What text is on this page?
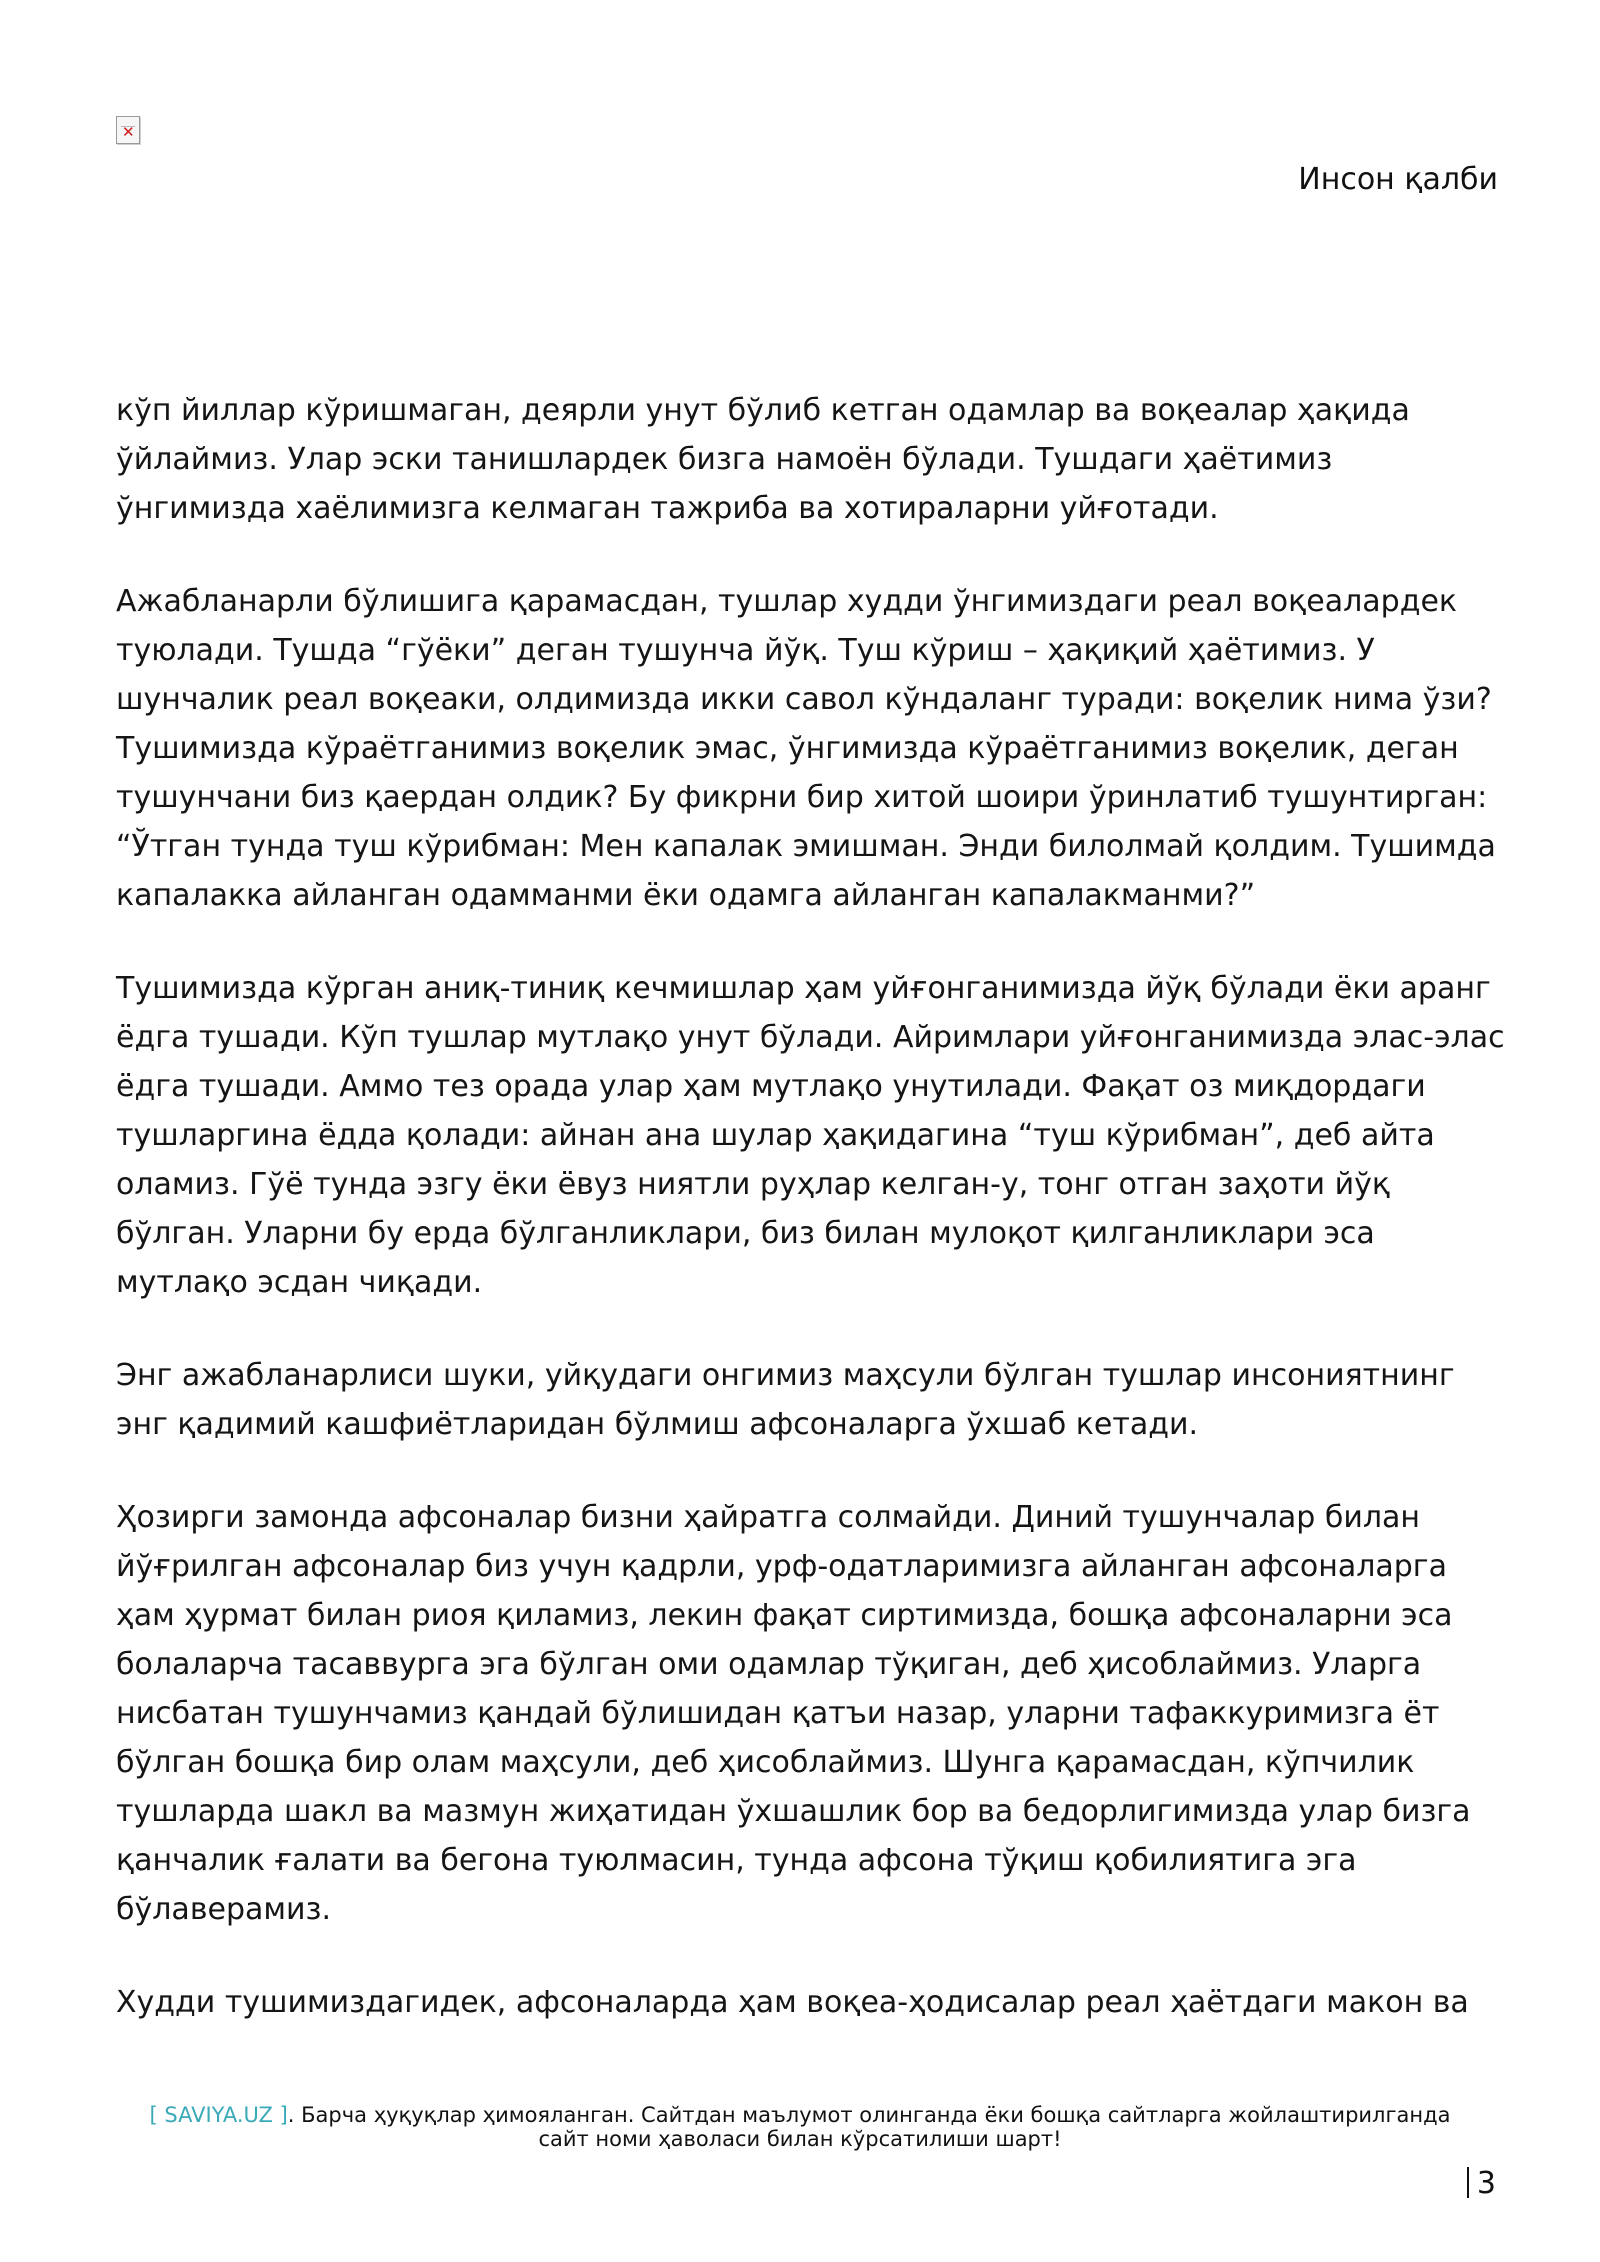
✕
Инсон қалби

кўп йиллар кўришмаган, деярли унут бўлиб кетган одамлар ва воқеалар ҳақида ўйлаймиз. Улар эски танишлардек бизга намоён бўлади. Тушдаги ҳаётимиз ўнгимизда хаёлимизга келмаган тажриба ва хотираларни уйғотади.

Ажабланарли бўлишига қарамасдан, тушлар худди ўнгимиздаги реал воқеалардек туюлади. Тушда “гўёки” деган тушунча йўқ. Туш кўриш – ҳақиқий ҳаётимиз. У шунчалик реал воқеаки, олдимизда икки савол кўндаланг туради: воқелик нима ўзи? Тушимизда кўраётганимиз воқелик эмас, ўнгимизда кўраётганимиз воқелик, деган тушунчани биз қаердан олдик? Бу фикрни бир хитой шоири ўринлатиб тушунтирган: “Ўтган тунда туш кўрибман: Мен капалак эмишман. Энди билолмай қолдим. Тушимда капалакка айланган одамманми ёки одамга айланган капалакманми?”

Тушимизда кўрган аниқ-тиниқ кечмишлар ҳам уйғонганимизда йўқ бўлади ёки аранг ёдга тушади. Кўп тушлар мутлақо унут бўлади. Айримлари уйғонганимизда элас-элас ёдга тушади. Аммо тез орада улар ҳам мутлақо унутилади. Фақат оз миқдордаги тушларгина ёдда қолади: айнан ана шулар ҳақидагина “туш кўрибман”, деб айта оламиз. Гўё тунда эзгу ёки ёвуз ниятли руҳлар келган-у, тонг отган заҳоти йўқ бўлган. Уларни бу ерда бўлганликлари, биз билан мулоқот қилганликлари эса мутлақо эсдан чиқади.

Энг ажабланарлиси шуки, уйқудаги онгимиз маҳсули бўлган тушлар инсониятнинг энг қадимий кашфиётларидан бўлмиш афсоналарга ўхшаб кетади.

Ҳозирги замонда афсоналар бизни ҳайратга солмайди. Диний тушунчалар билан йўғрилган афсоналар биз учун қадрли, урф-одатларимизга айланган афсоналарга ҳам ҳурмат билан риоя қиламиз, лекин фақат сиртимизда, бошқа афсоналарни эса болаларча тасаввурга эга бўлган оми одамлар тўқиган, деб ҳисоблаймиз. Уларга нисбатан тушунчамиз қандай бўлишидан қатъи назар, уларни тафаккуримизга ёт бўлган бошқа бир олам маҳсули, деб ҳисоблаймиз. Шунга қарамасдан, кўпчилик тушларда шакл ва мазмун жиҳатидан ўхшашлик бор ва бедорлигимизда улар бизга қанчалик ғалати ва бегона туюлмасин, тунда афсона тўқиш қобилиятига эга бўлаверамиз.

Худди тушимиздагидек, афсоналарда ҳам воқеа-ҳодисалар реал ҳаётдаги макон ва

[ SAVIYA.UZ ]. Барча ҳуқуқлар ҳимояланган. Сайтдан маълумот олинганда ёки бошқа сайтларга жойлаштирилганда
сайт номи ҳаволаси билан кўрсатилиши шарт!
3
